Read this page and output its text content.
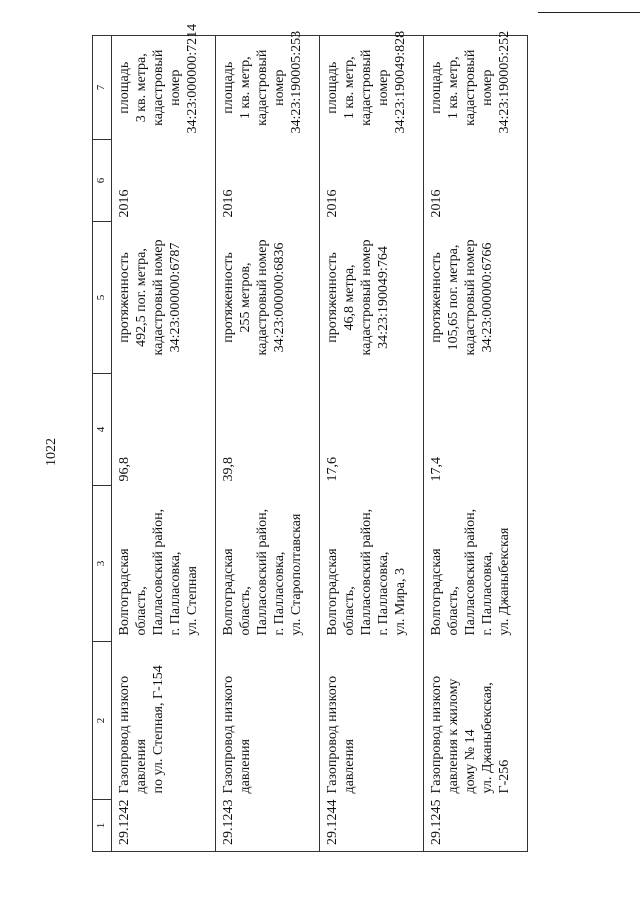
1022
1	2	3	4	5	6	7
29.1242	Газопровод низкого
давления
по ул. Степная, Г-154	Волгоградская
область,
Палласовский район,
г. Палласовка,
ул. Степная	96,8	протяженность
492,5 пог. метра,
кадастровый номер
34:23:000000:6787	2016	площадь
3 кв. метра,
кадастровый номер
34:23:000000:7214
29.1243	Газопровод низкого
давления	Волгоградская
область,
Палласовский район,
г. Палласовка,
ул. Старополтавская	39,8	протяженность
255 метров,
кадастровый номер
34:23:000000:6836	2016	площадь
1 кв. метр,
кадастровый номер
34:23:190005:253
29.1244	Газопровод низкого
давления	Волгоградская
область,
Палласовский район,
г. Палласовка,
ул. Мира, 3	17,6	протяженность
46,8 метра,
кадастровый номер
34:23:190049:764	2016	площадь
1 кв. метр,
кадастровый номер
34:23:190049:828
29.1245	Газопровод низкого
давления к жилому
дому № 14
ул. Джаныбекская,
Г-256	Волгоградская
область,
Палласовский район,
г. Палласовка,
ул. Джаныбекская	17,4	протяженность
105,65 пог. метра,
кадастровый номер
34:23:000000:6766	2016	площадь
1 кв. метр,
кадастровый номер
34:23:190005:252
